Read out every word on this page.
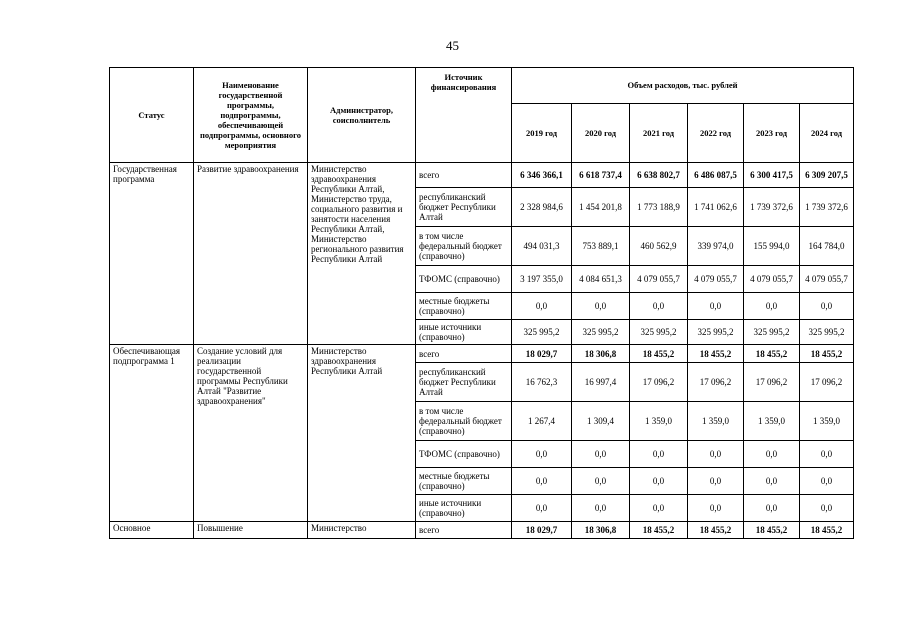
45
Статус	Наименование государственной программы, подпрограммы, обеспечивающей подпрограммы, основного мероприятия	Администратор, соисполнитель	Источник финансирования	Объем расходов, тыс. рублей					
				2019 год	2020 год	2021 год	2022 год	2023 год	2024 год
Государственная программа	Развитие здравоохранения	Министерство здравоохранения Республики Алтай, Министерство труда, социального развития и занятости населения Республики Алтай, Министерство регионального развития Республики Алтай	всего	6 346 366,1	6 618 737,4	6 638 802,7	6 486 087,5	6 300 417,5	6 309 207,5
			республиканский бюджет Республики Алтай	2 328 984,6	1 454 201,8	1 773 188,9	1 741 062,6	1 739 372,6	1 739 372,6
			в том числе федеральный бюджет (справочно)	494 031,3	753 889,1	460 562,9	339 974,0	155 994,0	164 784,0
			ТФОМС (справочно)	3 197 355,0	4 084 651,3	4 079 055,7	4 079 055,7	4 079 055,7	4 079 055,7
			местные бюджеты (справочно)	0,0	0,0	0,0	0,0	0,0	0,0
			иные источники (справочно)	325 995,2	325 995,2	325 995,2	325 995,2	325 995,2	325 995,2
Обеспечивающая подпрограмма 1	Создание условий для реализации государственной программы Республики Алтай "Развитие здравоохранения"	Министерство здравоохранения Республики Алтай	всего	18 029,7	18 306,8	18 455,2	18 455,2	18 455,2	18 455,2
			республиканский бюджет Республики Алтай	16 762,3	16 997,4	17 096,2	17 096,2	17 096,2	17 096,2
			в том числе федеральный бюджет (справочно)	1 267,4	1 309,4	1 359,0	1 359,0	1 359,0	1 359,0
			ТФОМС (справочно)	0,0	0,0	0,0	0,0	0,0	0,0
			местные бюджеты (справочно)	0,0	0,0	0,0	0,0	0,0	0,0
			иные источники (справочно)	0,0	0,0	0,0	0,0	0,0	0,0
Основное	Повышение	Министерство	всего	18 029,7	18 306,8	18 455,2	18 455,2	18 455,2	18 455,2
